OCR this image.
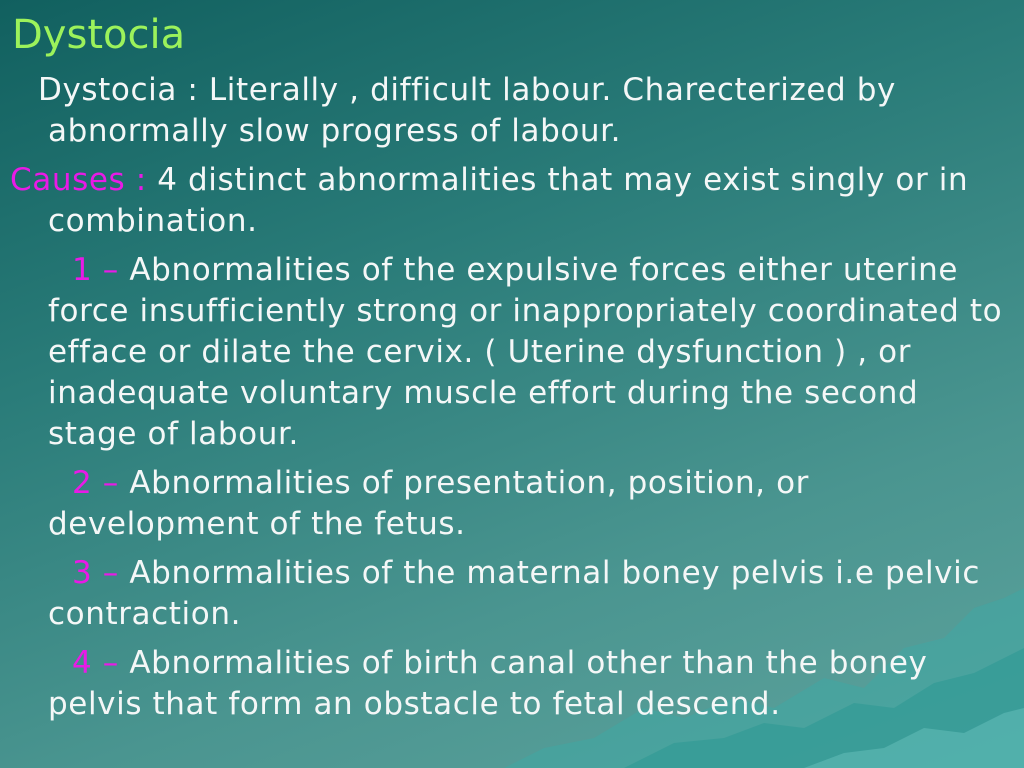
Dystocia

Dystocia : Literally , difficult labour. Charecterized by abnormally slow progress of labour.

Causes : 4 distinct abnormalities that may exist singly or in combination.

1 – Abnormalities of the expulsive forces either uterine force insufficiently strong or inappropriately coordinated to efface or dilate the cervix. ( Uterine dysfunction ) , or inadequate voluntary muscle effort during the second stage of labour.

2 – Abnormalities of presentation, position, or development of the fetus.

3 – Abnormalities of the maternal boney pelvis i.e pelvic contraction.

4 – Abnormalities of birth canal other than the boney pelvis that form an obstacle to fetal descend.
